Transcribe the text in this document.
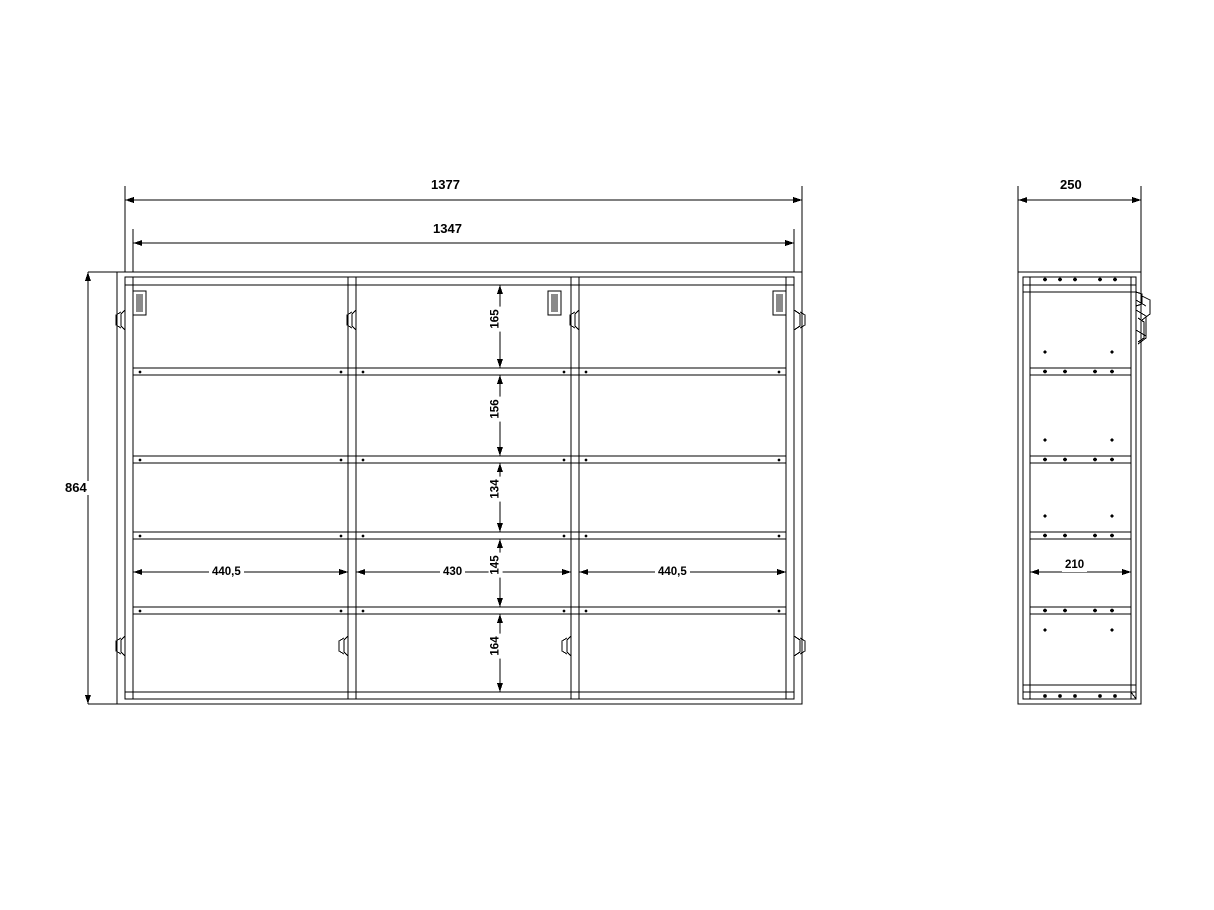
1377
1347
864
165
156
134
145
164
440,5	430	440,5
250
210
